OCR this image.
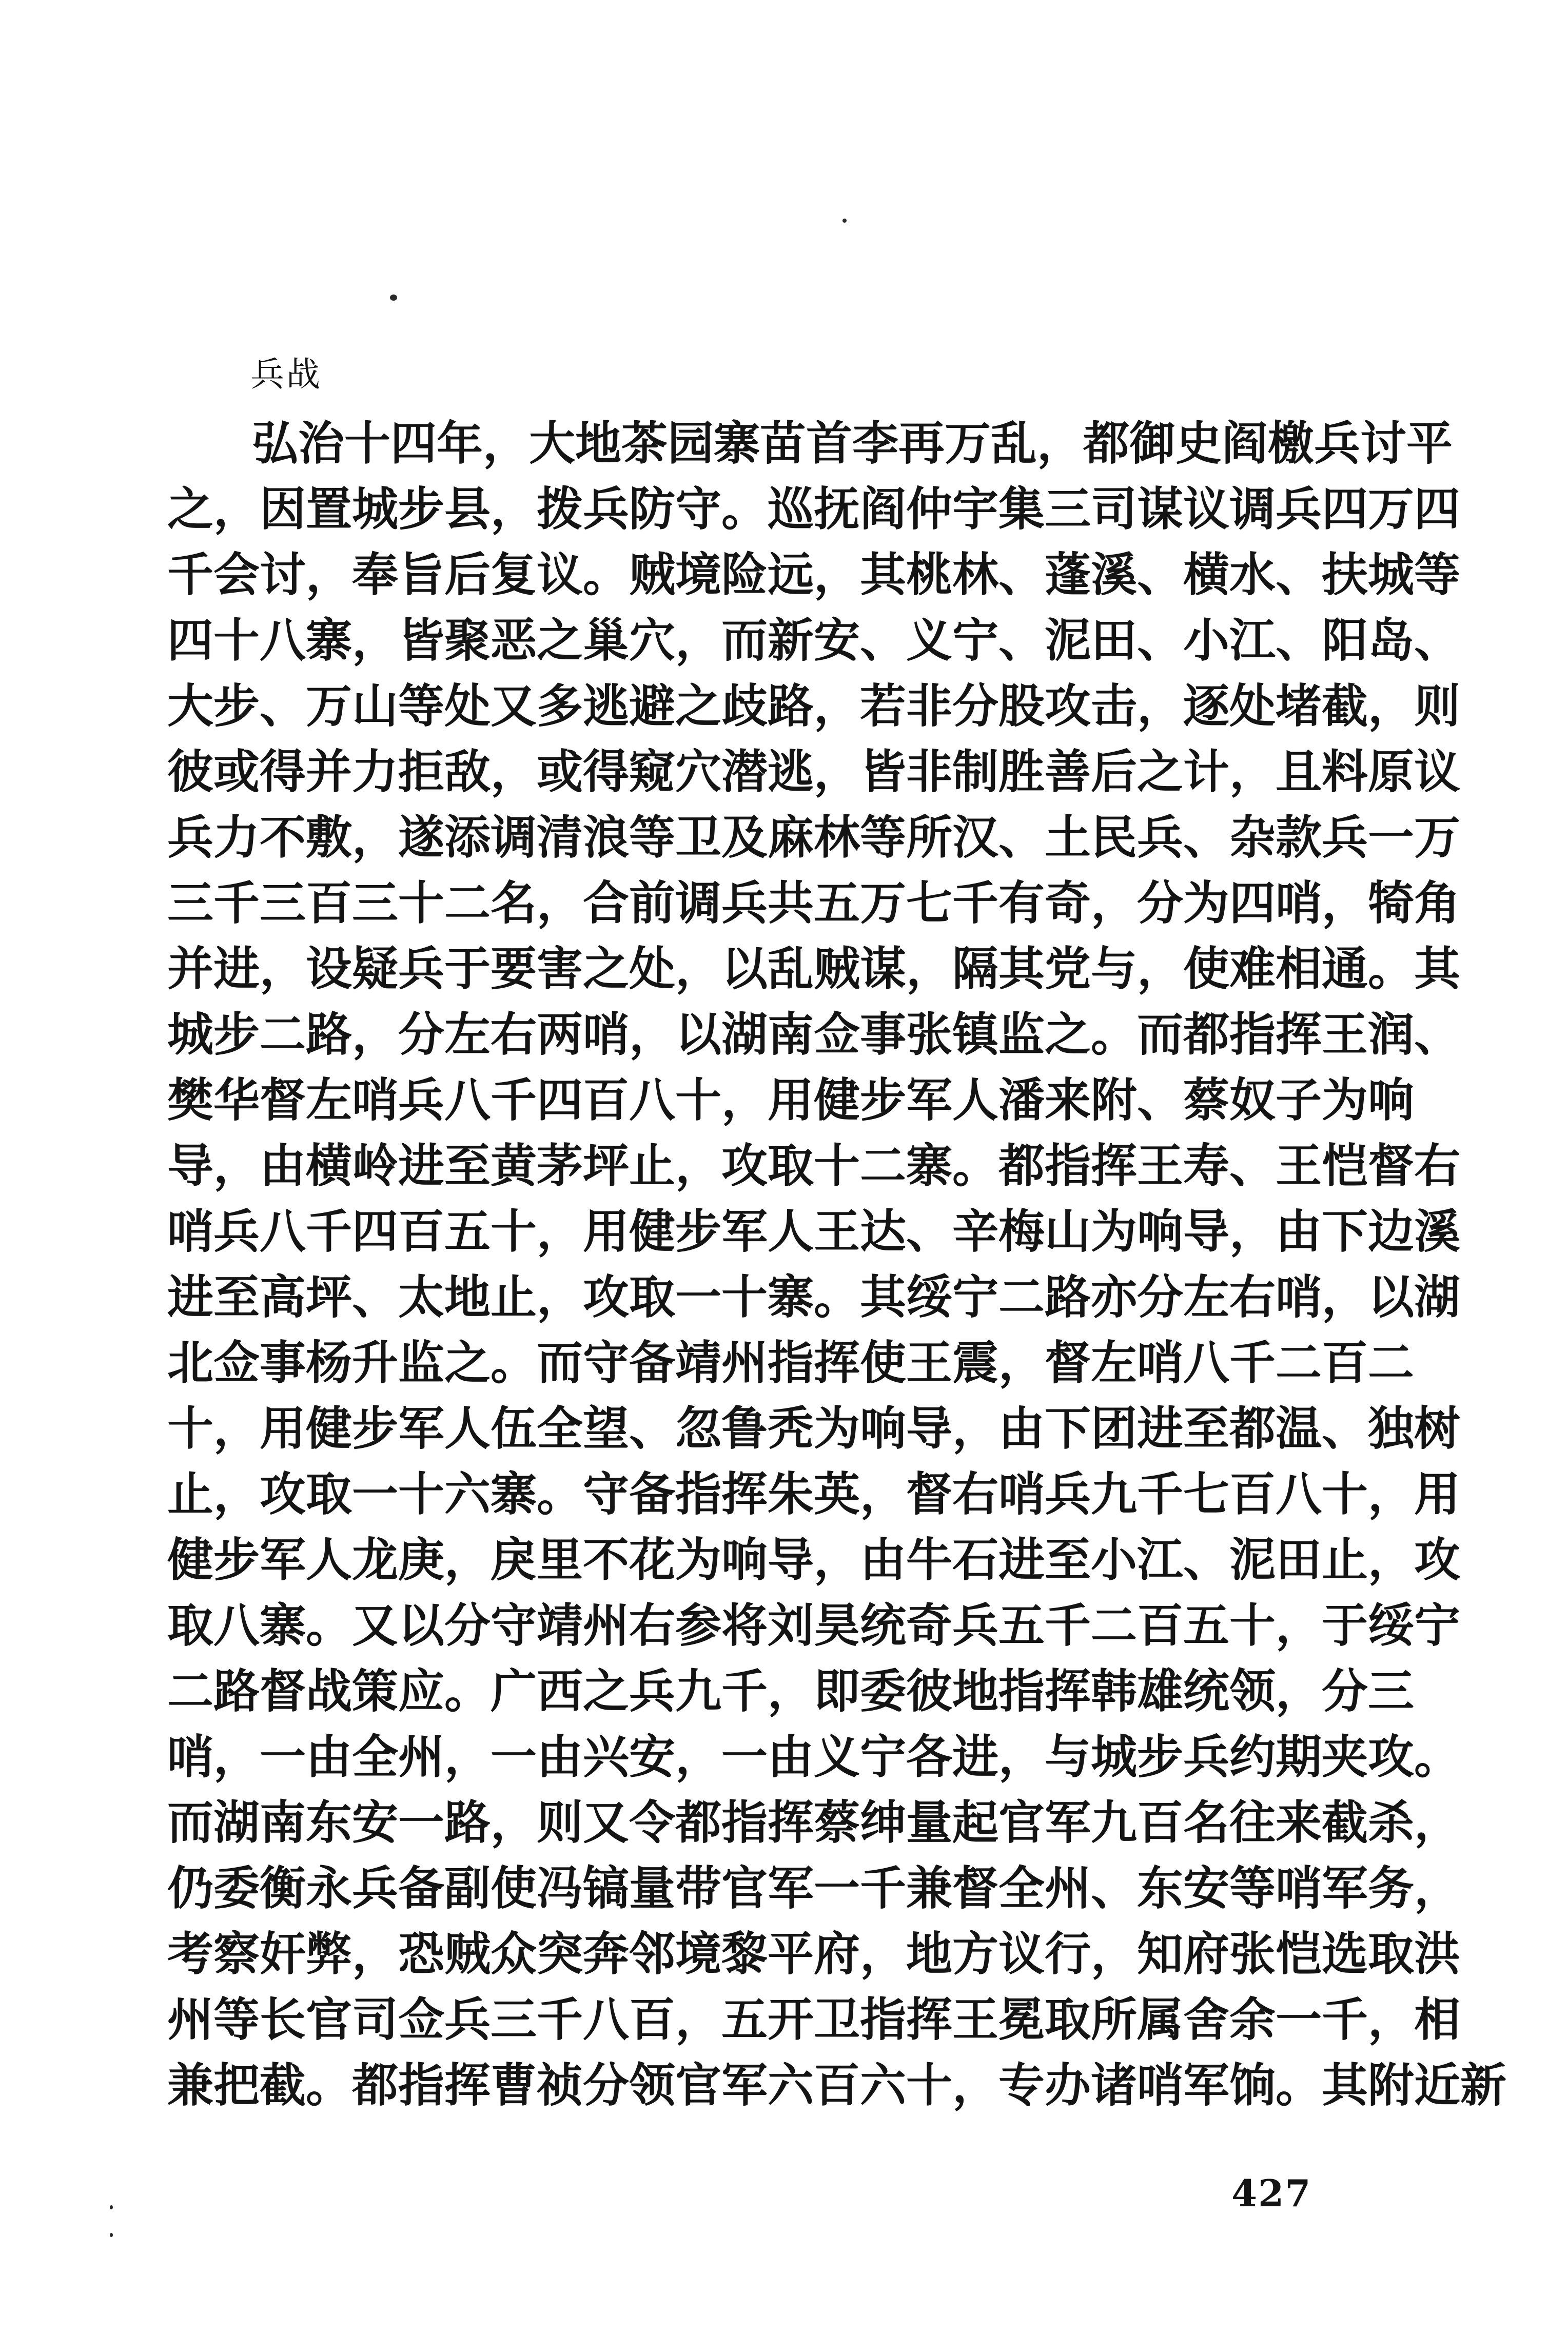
兵战
弘治十四年，大地茶园寨苗首李再万乱，都御史阎檄兵讨平
之，因置城步县，拨兵防守。巡抚阎仲宇集三司谋议调兵四万四
千会讨，奉旨后复议。贼境险远，其桃林、蓬溪、横水、扶城等
四十八寨，皆聚恶之巢穴，而新安、义宁、泥田、小江、阳岛、
大步、万山等处又多逃避之歧路，若非分股攻击，逐处堵截，则
彼或得并力拒敌，或得窥穴潜逃，皆非制胜善后之计，且料原议
兵力不敷，遂添调清浪等卫及麻林等所汉、土民兵、杂款兵一万
三千三百三十二名，合前调兵共五万七千有奇，分为四哨，犄角
并进，设疑兵于要害之处，以乱贼谋，隔其党与，使难相通。其
城步二路，分左右两哨，以湖南佥事张镇监之。而都指挥王润、
樊华督左哨兵八千四百八十，用健步军人潘来附、蔡奴子为响
导，由横岭进至黄茅坪止，攻取十二寨。都指挥王寿、王恺督右
哨兵八千四百五十，用健步军人王达、辛梅山为响导，由下边溪
进至高坪、太地止，攻取一十寨。其绥宁二路亦分左右哨，以湖
北佥事杨升监之。而守备靖州指挥使王震，督左哨八千二百二
十，用健步军人伍全望、忽鲁秃为响导，由下团进至都温、独树
止，攻取一十六寨。守备指挥朱英，督右哨兵九千七百八十，用
健步军人龙庚，戾里不花为响导，由牛石进至小江、泥田止，攻
取八寨。又以分守靖州右参将刘昊统奇兵五千二百五十，于绥宁
二路督战策应。广西之兵九千，即委彼地指挥韩雄统领，分三
哨，一由全州，一由兴安，一由义宁各进，与城步兵约期夹攻。
而湖南东安一路，则又令都指挥蔡绅量起官军九百名往来截杀，
仍委衡永兵备副使冯镐量带官军一千兼督全州、东安等哨军务，
考察奸弊，恐贼众突奔邻境黎平府，地方议行，知府张恺选取洪
州等长官司佥兵三千八百，五开卫指挥王冕取所属舍余一千，相
兼把截。都指挥曹祯分领官军六百六十，专办诸哨军饷。其附近新
427
